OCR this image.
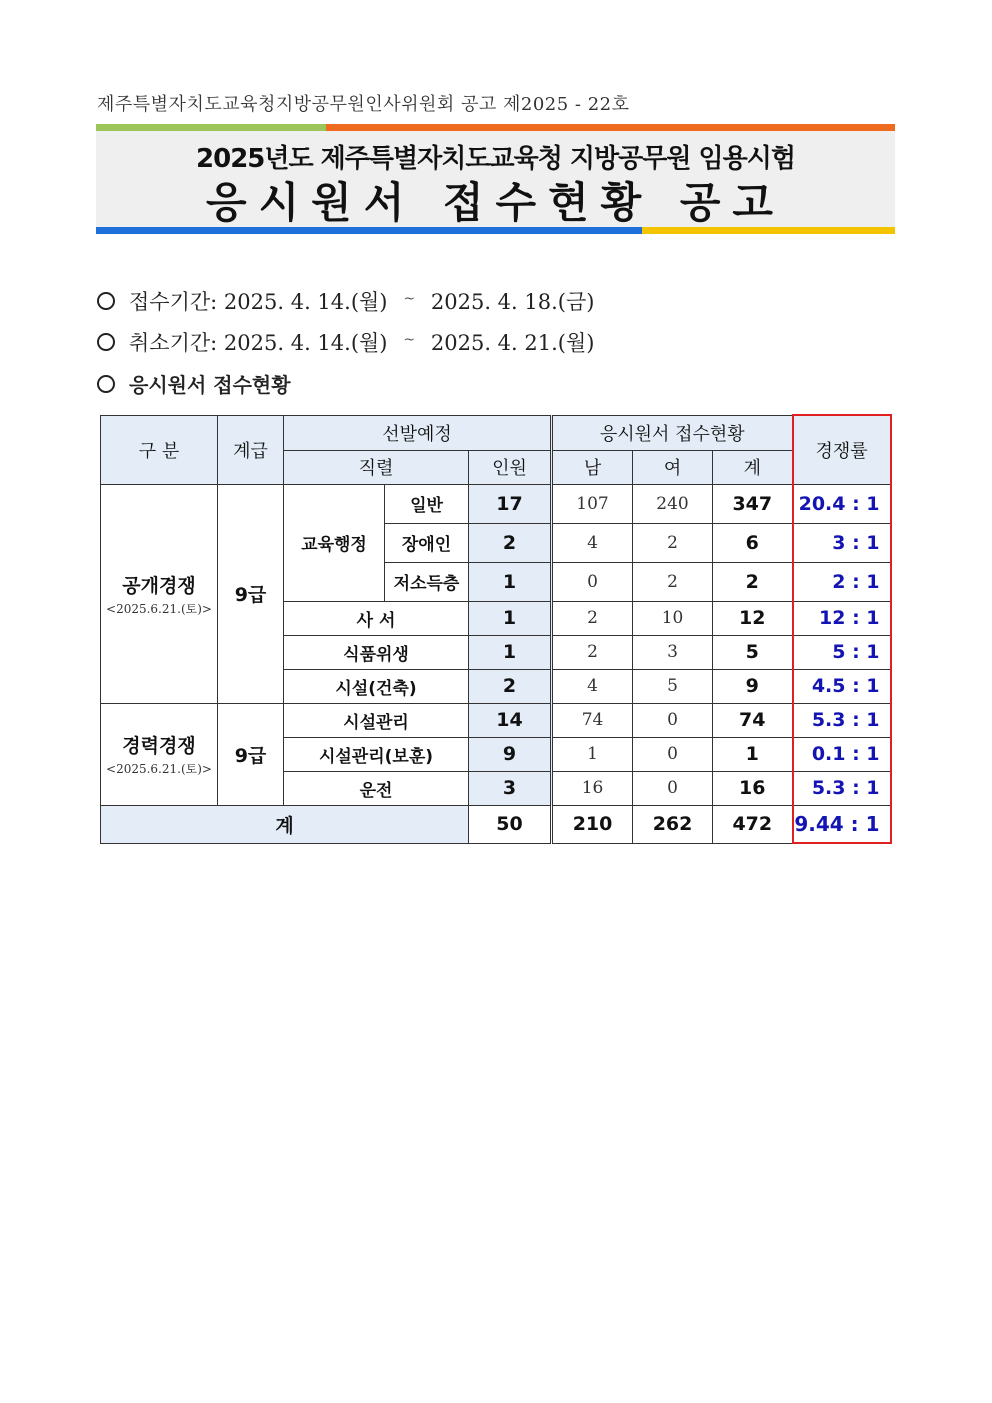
제주특별자치도교육청지방공무원인사위원회 공고 제2025 - 22호
2025년도 제주특별자치도교육청 지방공무원 임용시험
응시원서 접수현황 공고
접수기간: 2025. 4. 14.(월) ~ 2025. 4. 18.(금)
취소기간: 2025. 4. 14.(월) ~ 2025. 4. 21.(월)
응시원서 접수현황
구 분	계급	선발예정			응시원서 접수현황			경쟁률
		직렬		인원	남	여	계	
공개경쟁
<2025.6.21.(토)>	9급	교육행정	일반	17	107	240	347	20.4 : 1
			장애인	2	4	2	6	3 : 1
			저소득층	1	0	2	2	2 : 1
		사 서		1	2	10	12	12 : 1
		식품위생		1	2	3	5	5 : 1
		시설(건축)		2	4	5	9	4.5 : 1
경력경쟁
<2025.6.21.(토)>	9급	시설관리		14	74	0	74	5.3 : 1
		시설관리(보훈)		9	1	0	1	0.1 : 1
		운전		3	16	0	16	5.3 : 1
계				50	210	262	472	9.44 : 1
